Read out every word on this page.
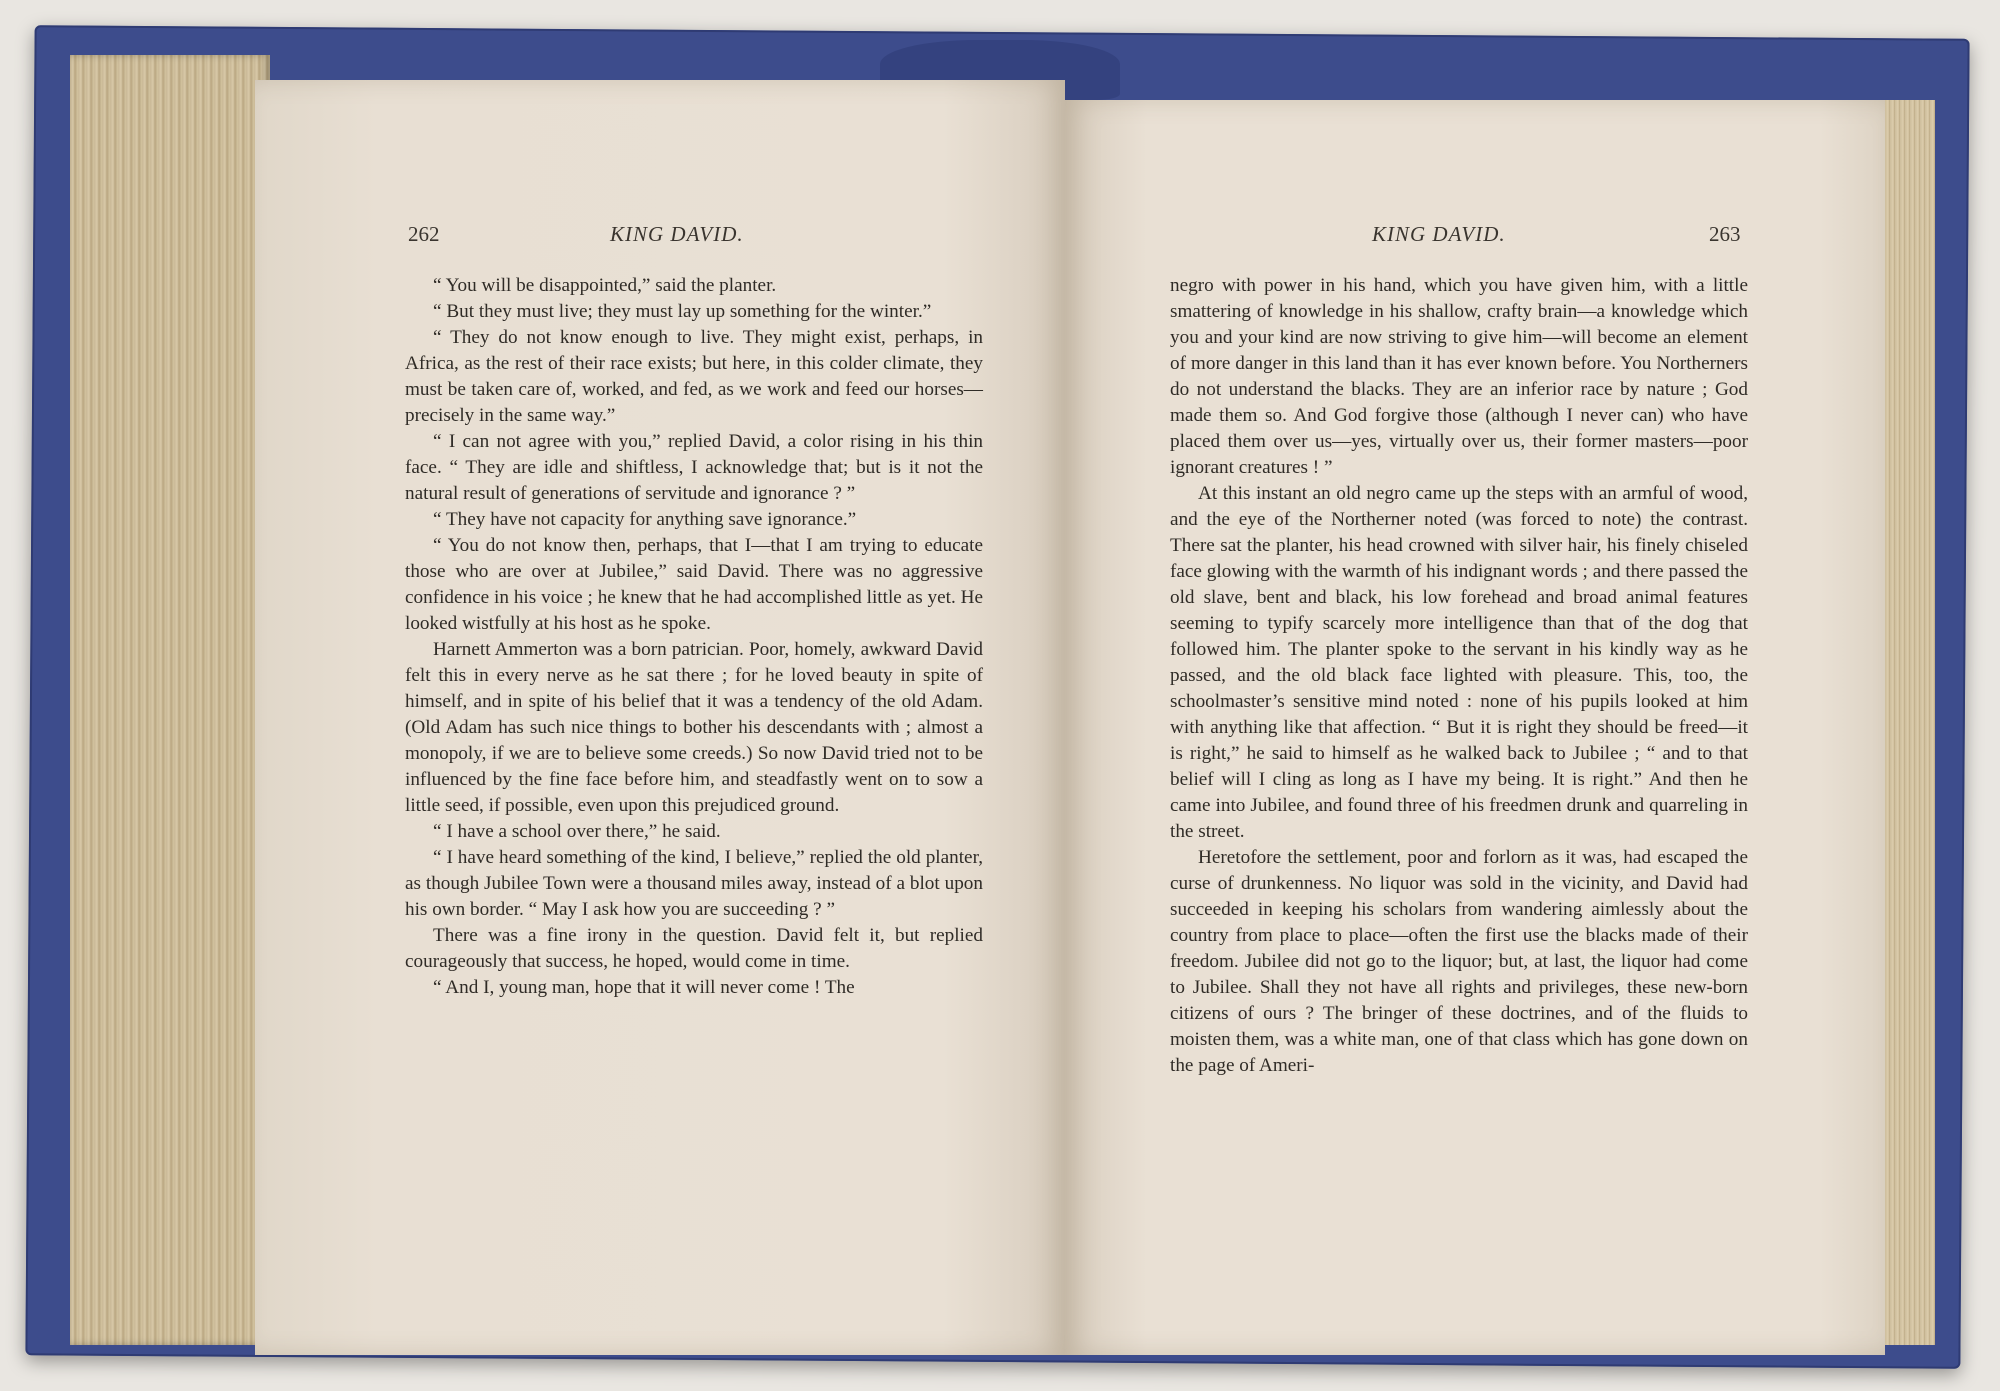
262	KING DAVID.	KING DAVID.	263

“ You will be disappointed,” said the planter.

“ But they must live; they must lay up something for the winter.”

“ They do not know enough to live. They might exist, perhaps, in Africa, as the rest of their race exists; but here, in this colder climate, they must be taken care of, worked, and fed, as we work and feed our horses—precisely in the same way.”

“ I can not agree with you,” replied David, a color rising in his thin face. “ They are idle and shiftless, I acknowledge that; but is it not the natural result of generations of servitude and ignorance ? ”

“ They have not capacity for anything save ignorance.”

“ You do not know then, perhaps, that I—that I am trying to educate those who are over at Jubilee,” said David. There was no aggressive confidence in his voice ; he knew that he had accomplished little as yet. He looked wistfully at his host as he spoke.

Harnett Ammerton was a born patrician. Poor, homely, awkward David felt this in every nerve as he sat there ; for he loved beauty in spite of himself, and in spite of his belief that it was a tendency of the old Adam. (Old Adam has such nice things to bother his descendants with ; almost a monopoly, if we are to believe some creeds.) So now David tried not to be influenced by the fine face before him, and steadfastly went on to sow a little seed, if possible, even upon this prejudiced ground.

“ I have a school over there,” he said.

“ I have heard something of the kind, I believe,” replied the old planter, as though Jubilee Town were a thousand miles away, instead of a blot upon his own border. “ May I ask how you are succeeding ? ”

There was a fine irony in the question. David felt it, but replied courageously that success, he hoped, would come in time.

“ And I, young man, hope that it will never come ! The

negro with power in his hand, which you have given him, with a little smattering of knowledge in his shallow, crafty brain—a knowledge which you and your kind are now striving to give him—will become an element of more danger in this land than it has ever known before. You Northerners do not understand the blacks. They are an inferior race by nature ; God made them so. And God forgive those (although I never can) who have placed them over us—yes, virtually over us, their former masters—poor ignorant creatures ! ”

At this instant an old negro came up the steps with an armful of wood, and the eye of the Northerner noted (was forced to note) the contrast. There sat the planter, his head crowned with silver hair, his finely chiseled face glowing with the warmth of his indignant words ; and there passed the old slave, bent and black, his low forehead and broad animal features seeming to typify scarcely more intelligence than that of the dog that followed him. The planter spoke to the servant in his kindly way as he passed, and the old black face lighted with pleasure. This, too, the schoolmaster’s sensitive mind noted : none of his pupils looked at him with anything like that affection. “ But it is right they should be freed—it is right,” he said to himself as he walked back to Jubilee ; “ and to that belief will I cling as long as I have my being. It is right.” And then he came into Jubilee, and found three of his freedmen drunk and quarreling in the street.

Heretofore the settlement, poor and forlorn as it was, had escaped the curse of drunkenness. No liquor was sold in the vicinity, and David had succeeded in keeping his scholars from wandering aimlessly about the country from place to place—often the first use the blacks made of their freedom. Jubilee did not go to the liquor; but, at last, the liquor had come to Jubilee. Shall they not have all rights and privileges, these new-born citizens of ours ? The bringer of these doctrines, and of the fluids to moisten them, was a white man, one of that class which has gone down on the page of Ameri-
